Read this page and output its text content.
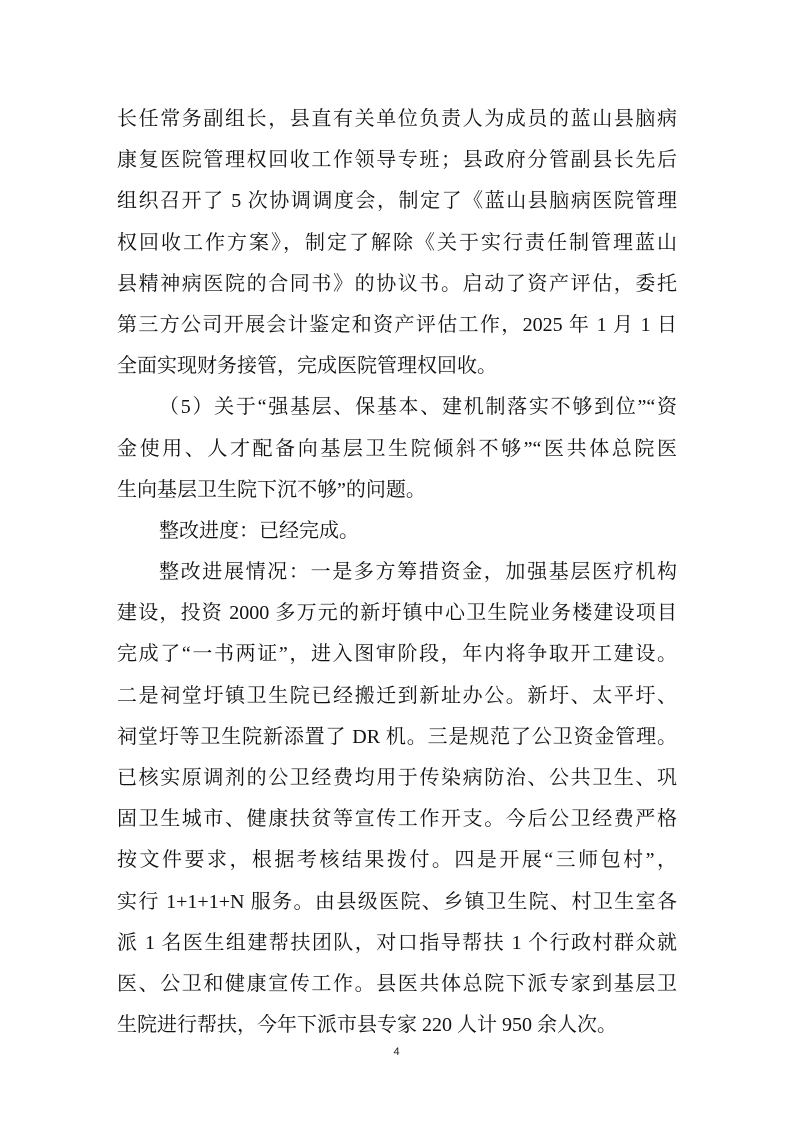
长任常务副组长，县直有关单位负责人为成员的蓝山县脑病
康复医院管理权回收工作领导专班；县政府分管副县长先后
组织召开了 5 次协调调度会，制定了《蓝山县脑病医院管理
权回收工作方案》，制定了解除《关于实行责任制管理蓝山
县精神病医院的合同书》的协议书。启动了资产评估，委托
第三方公司开展会计鉴定和资产评估工作，2025 年 1 月 1 日
全面实现财务接管，完成医院管理权回收。
（5）关于“强基层、保基本、建机制落实不够到位”“资
金使用、人才配备向基层卫生院倾斜不够”“医共体总院医
生向基层卫生院下沉不够”的问题。
整改进度：已经完成。
整改进展情况：一是多方筹措资金，加强基层医疗机构
建设，投资 2000 多万元的新圩镇中心卫生院业务楼建设项目
完成了“一书两证”，进入图审阶段，年内将争取开工建设。
二是祠堂圩镇卫生院已经搬迁到新址办公。新圩、太平圩、
祠堂圩等卫生院新添置了 DR 机。三是规范了公卫资金管理。
已核实原调剂的公卫经费均用于传染病防治、公共卫生、巩
固卫生城市、健康扶贫等宣传工作开支。今后公卫经费严格
按文件要求，根据考核结果拨付。四是开展“三师包村”，
实行 1+1+1+N 服务。由县级医院、乡镇卫生院、村卫生室各
派 1 名医生组建帮扶团队，对口指导帮扶 1 个行政村群众就
医、公卫和健康宣传工作。县医共体总院下派专家到基层卫
生院进行帮扶，今年下派市县专家 220 人计 950 余人次。
4
